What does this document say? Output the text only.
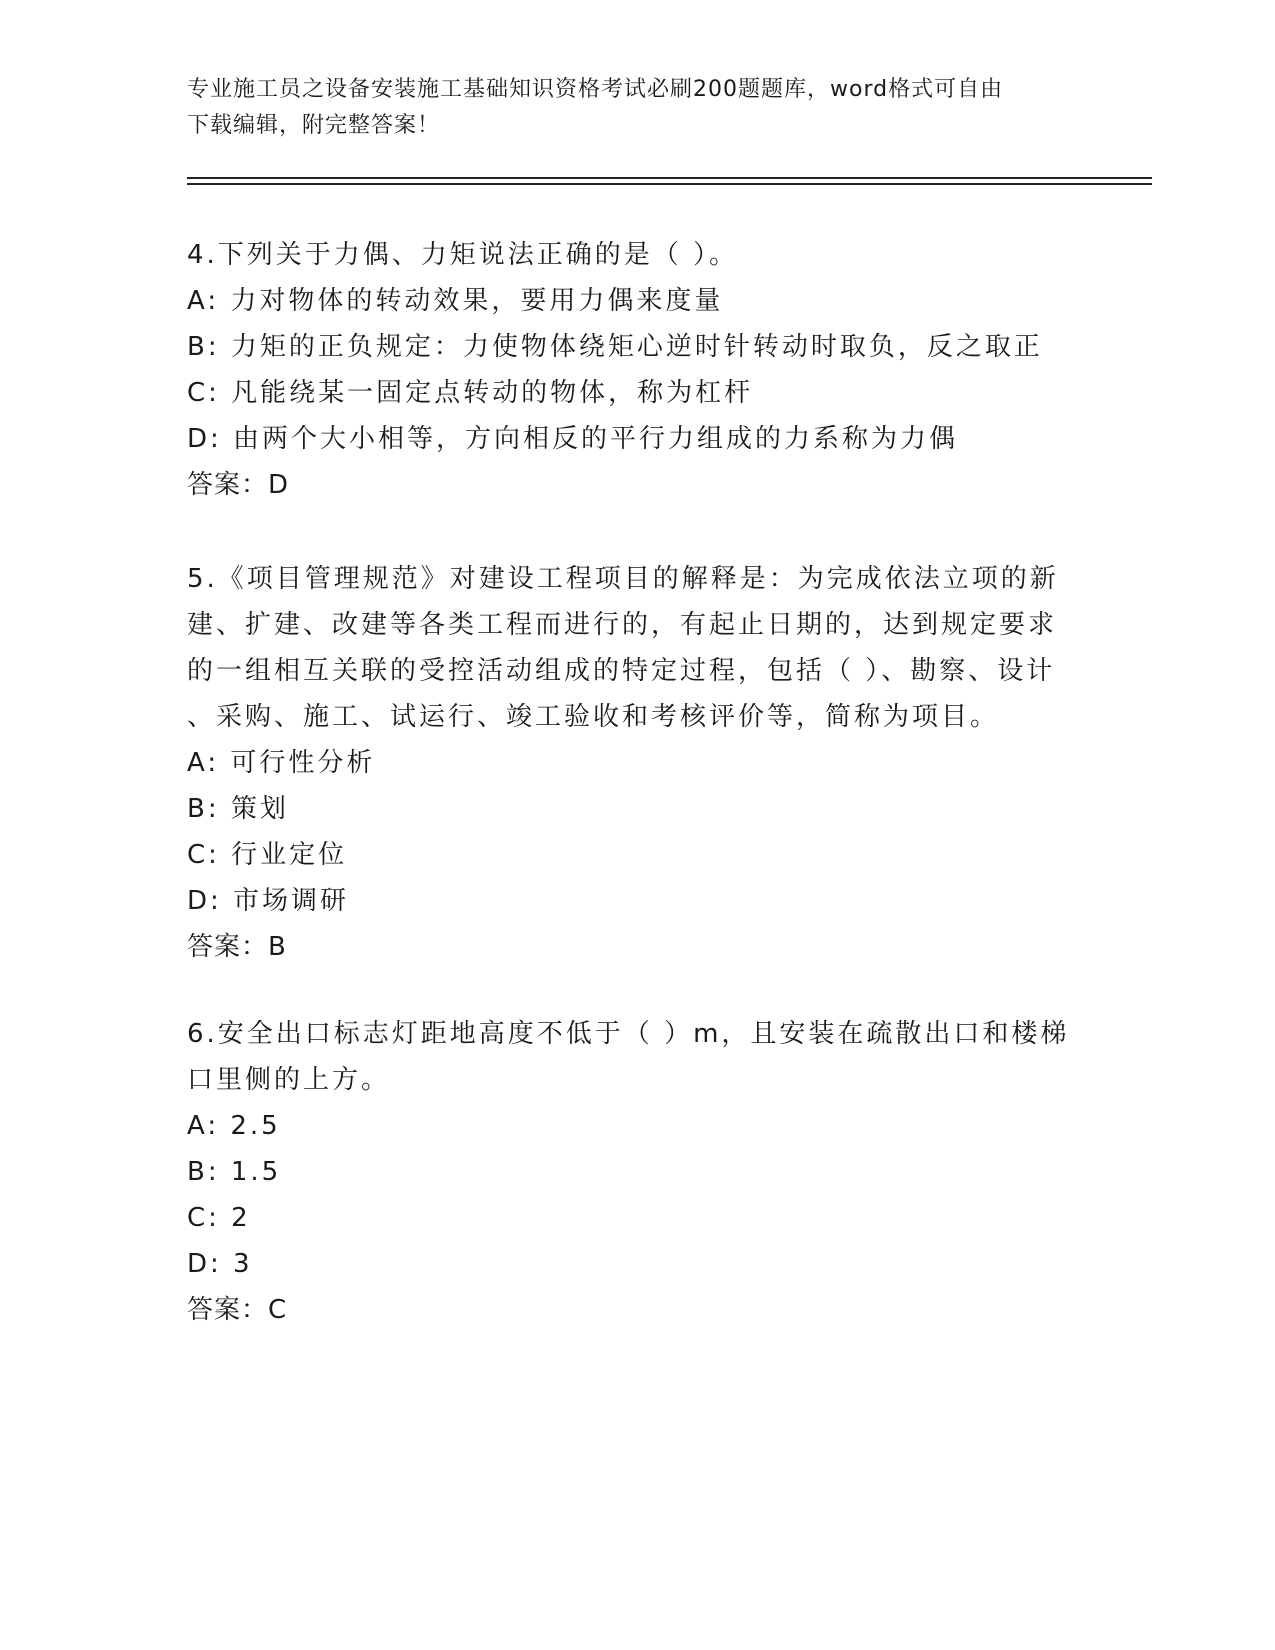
专业施工员之设备安装施工基础知识资格考试必刷200题题库，word格式可自由
下载编辑，附完整答案！
4.下列关于力偶、力矩说法正确的是（ ）。
A: 力对物体的转动效果，要用力偶来度量
B: 力矩的正负规定：力使物体绕矩心逆时针转动时取负，反之取正
C: 凡能绕某一固定点转动的物体，称为杠杆
D: 由两个大小相等，方向相反的平行力组成的力系称为力偶
答案：D
5.《项目管理规范》对建设工程项目的解释是：为完成依法立项的新
建、扩建、改建等各类工程而进行的，有起止日期的，达到规定要求
的一组相互关联的受控活动组成的特定过程，包括（ ）、勘察、设计
、采购、施工、试运行、竣工验收和考核评价等，简称为项目。
A: 可行性分析
B: 策划
C: 行业定位
D: 市场调研
答案：B
6.安全出口标志灯距地高度不低于（ ）m，且安装在疏散出口和楼梯
口里侧的上方。
A: 2.5
B: 1.5
C: 2
D: 3
答案：C
